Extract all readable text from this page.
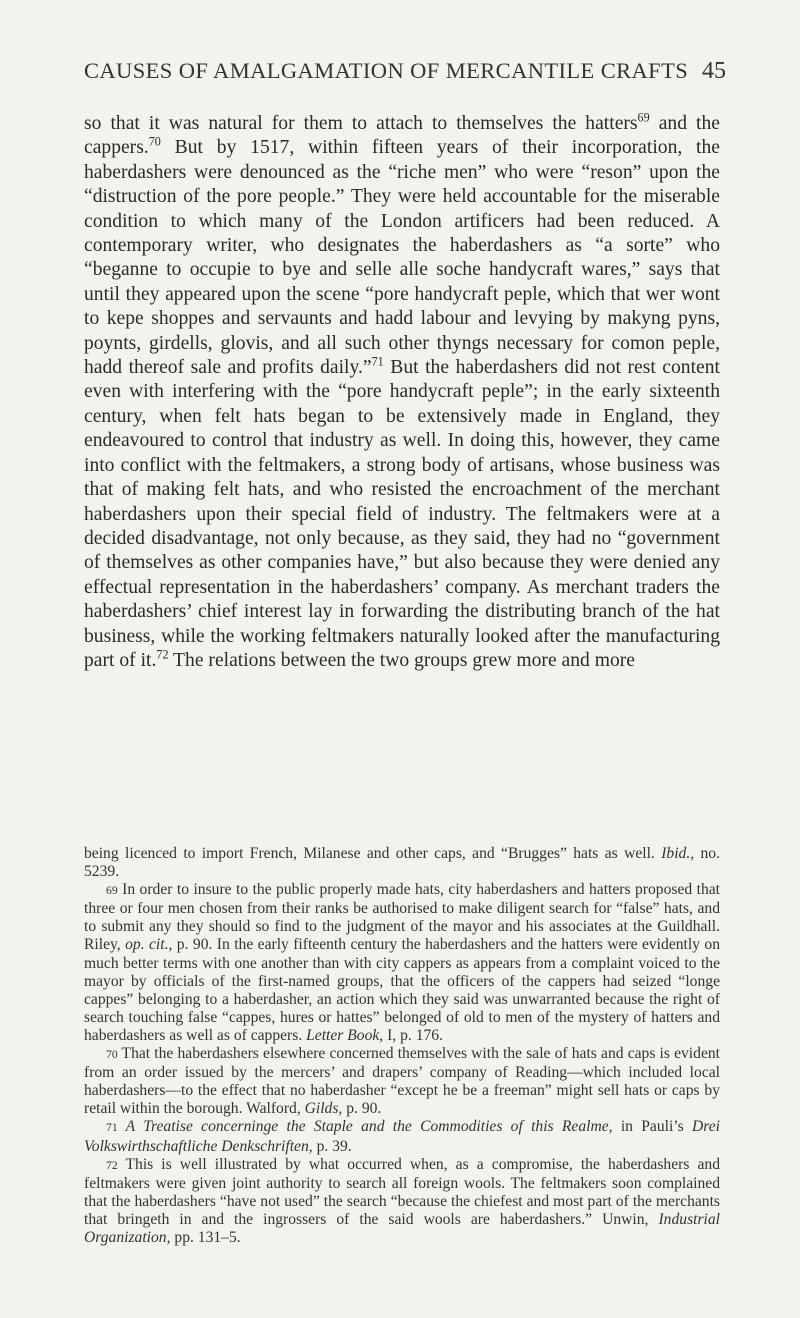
CAUSES OF AMALGAMATION OF MERCANTILE CRAFTS 45

so that it was natural for them to attach to themselves the hatters$^{69}$ and the cappers.$^{70}$ But by 1517, within fifteen years of their incorporation, the haberdashers were denounced as the “riche men” who were “reson” upon the “distruction of the pore people.” They were held accountable for the miserable condition to which many of the London artificers had been reduced. A contemporary writer, who designates the haberdashers as “a sorte” who “beganne to occupie to bye and selle alle soche handycraft wares,” says that until they appeared upon the scene “pore handycraft peple, which that wer wont to kepe shoppes and servaunts and hadd labour and levying by makyng pyns, poynts, girdells, glovis, and all such other thyngs necessary for comon peple, hadd thereof sale and profits daily.”$^{71}$ But the haberdashers did not rest content even with interfering with the “pore handycraft peple”; in the early sixteenth century, when felt hats began to be extensively made in England, they endeavoured to control that industry as well. In doing this, however, they came into conflict with the feltmakers, a strong body of artisans, whose business was that of making felt hats, and who resisted the encroachment of the merchant haberdashers upon their special field of industry. The feltmakers were at a decided disadvantage, not only because, as they said, they had no “government of themselves as other companies have,” but also because they were denied any effectual representation in the haberdashers’ company. As merchant traders the haberdashers’ chief interest lay in forwarding the distributing branch of the hat business, while the working feltmakers naturally looked after the manufacturing part of it.$^{72}$ The relations between the two groups grew more and more

being licenced to import French, Milanese and other caps, and “Brugges” hats as well. Ibid., no. 5239.

69 In order to insure to the public properly made hats, city haberdashers and hatters proposed that three or four men chosen from their ranks be authorised to make diligent search for “false” hats, and to submit any they should so find to the judgment of the mayor and his associates at the Guildhall. Riley, op. cit., p. 90. In the early fifteenth century the haberdashers and the hatters were evidently on much better terms with one another than with city cappers as appears from a complaint voiced to the mayor by officials of the first-named groups, that the officers of the cappers had seized “longe cappes” belonging to a haberdasher, an action which they said was unwarranted because the right of search touching false “cappes, hures or hattes” belonged of old to men of the mystery of hatters and haberdashers as well as of cappers. Letter Book, I, p. 176.

70 That the haberdashers elsewhere concerned themselves with the sale of hats and caps is evident from an order issued by the mercers’ and drapers’ company of Reading—which included local haberdashers—to the effect that no haberdasher “except he be a freeman” might sell hats or caps by retail within the borough. Walford, Gilds, p. 90.

71 A Treatise concerninge the Staple and the Commodities of this Realme, in Pauli’s Drei Volkswirthschaftliche Denkschriften, p. 39.

72 This is well illustrated by what occurred when, as a compromise, the haberdashers and feltmakers were given joint authority to search all foreign wools. The feltmakers soon complained that the haberdashers “have not used” the search “because the chiefest and most part of the merchants that bringeth in and the ingrossers of the said wools are haberdashers.” Unwin, Industrial Organization, pp. 131–5.
